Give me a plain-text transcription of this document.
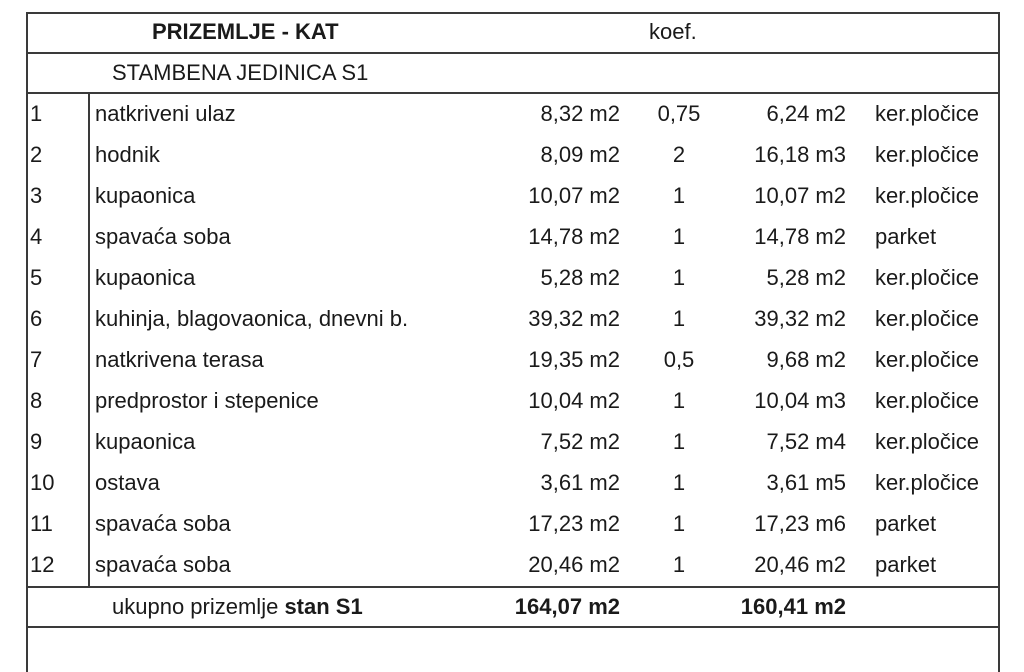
PRIZEMLJE - KAT	koef.
STAMBENA JEDINICA S1
1 natkriveni ulaz	8,32 m2	0,75	6,24 m2 ker.pločice
2 hodnik	8,09 m2	2	16,18 m3 ker.pločice
3 kupaonica	10,07 m2	1	10,07 m2 ker.pločice
4 spavaća soba	14,78 m2	1	14,78 m2 parket
5 kupaonica	5,28 m2	1	5,28 m2 ker.pločice
6 kuhinja, blagovaonica, dnevni b.	39,32 m2	1	39,32 m2 ker.pločice
7 natkrivena terasa	19,35 m2	0,5	9,68 m2 ker.pločice
8 predprostor i stepenice	10,04 m2	1	10,04 m3 ker.pločice
9 kupaonica	7,52 m2	1	7,52 m4 ker.pločice
10 ostava	3,61 m2	1	3,61 m5 ker.pločice
11 spavaća soba	17,23 m2	1	17,23 m6 parket
12 spavaća soba	20,46 m2	1	20,46 m2 parket
ukupno prizemlje stan S1	164,07 m2	160,41 m2
